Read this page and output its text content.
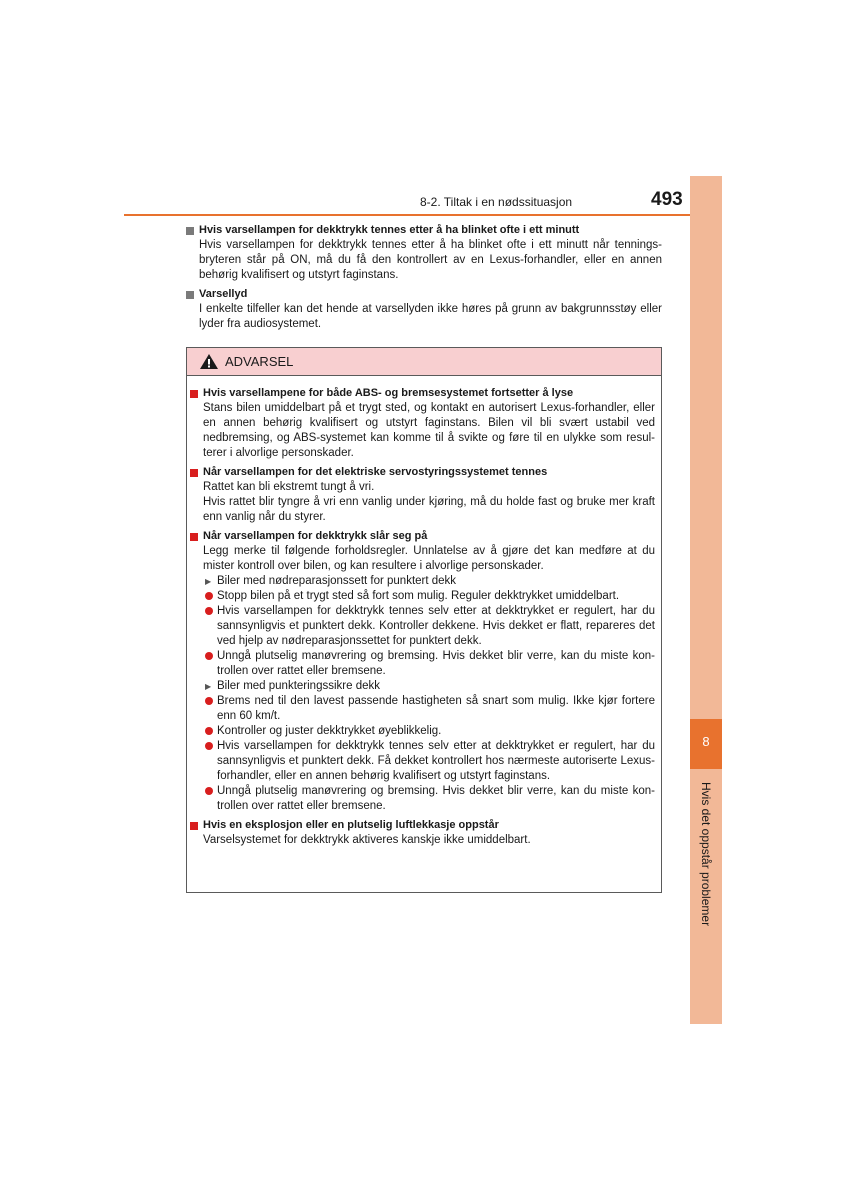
8
Hvis det oppstår problemer
8-2. Tiltak i en nødssituasjon	493
Hvis varsellampen for dekktrykk tennes etter å ha blinket ofte i ett minutt
Hvis varsellampen for dekktrykk tennes etter å ha blinket ofte i ett minutt når tenningsbryteren står på ON, må du få den kontrollert av en Lexus-forhandler, eller en annen behørig kvalifisert og utstyrt faginstans.
Varsellyd
I enkelte tilfeller kan det hende at varsellyden ikke høres på grunn av bakgrunnsstøy eller lyder fra audiosystemet.
ADVARSEL
Hvis varsellampene for både ABS- og bremsesystemet fortsetter å lyse
Stans bilen umiddelbart på et trygt sted, og kontakt en autorisert Lexus-forhandler, eller en annen behørig kvalifisert og utstyrt faginstans. Bilen vil bli svært ustabil ved nedbremsing, og ABS-systemet kan komme til å svikte og føre til en ulykke som resulterer i alvorlige personskader.
Når varsellampen for det elektriske servostyringssystemet tennes
Rattet kan bli ekstremt tungt å vri.
Hvis rattet blir tyngre å vri enn vanlig under kjøring, må du holde fast og bruke mer kraft enn vanlig når du styrer.
Når varsellampen for dekktrykk slår seg på
Legg merke til følgende forholdsregler. Unnlatelse av å gjøre det kan medføre at du mister kontroll over bilen, og kan resultere i alvorlige personskader.
▶ Biler med nødreparasjonssett for punktert dekk
Stopp bilen på et trygt sted så fort som mulig. Reguler dekktrykket umiddelbart.
Hvis varsellampen for dekktrykk tennes selv etter at dekktrykket er regulert, har du sannsynligvis et punktert dekk. Kontroller dekkene. Hvis dekket er flatt, repareres det ved hjelp av nødreparasjonssettet for punktert dekk.
Unngå plutselig manøvrering og bremsing. Hvis dekket blir verre, kan du miste kontrollen over rattet eller bremsene.
▶ Biler med punkteringssikre dekk
Brems ned til den lavest passende hastigheten så snart som mulig. Ikke kjør fortere enn 60 km/t.
Kontroller og juster dekktrykket øyeblikkelig.
Hvis varsellampen for dekktrykk tennes selv etter at dekktrykket er regulert, har du sannsynligvis et punktert dekk. Få dekket kontrollert hos nærmeste autoriserte Lexus-forhandler, eller en annen behørig kvalifisert og utstyrt faginstans.
Unngå plutselig manøvrering og bremsing. Hvis dekket blir verre, kan du miste kontrollen over rattet eller bremsene.
Hvis en eksplosjon eller en plutselig luftlekkasje oppstår
Varselsystemet for dekktrykk aktiveres kanskje ikke umiddelbart.
